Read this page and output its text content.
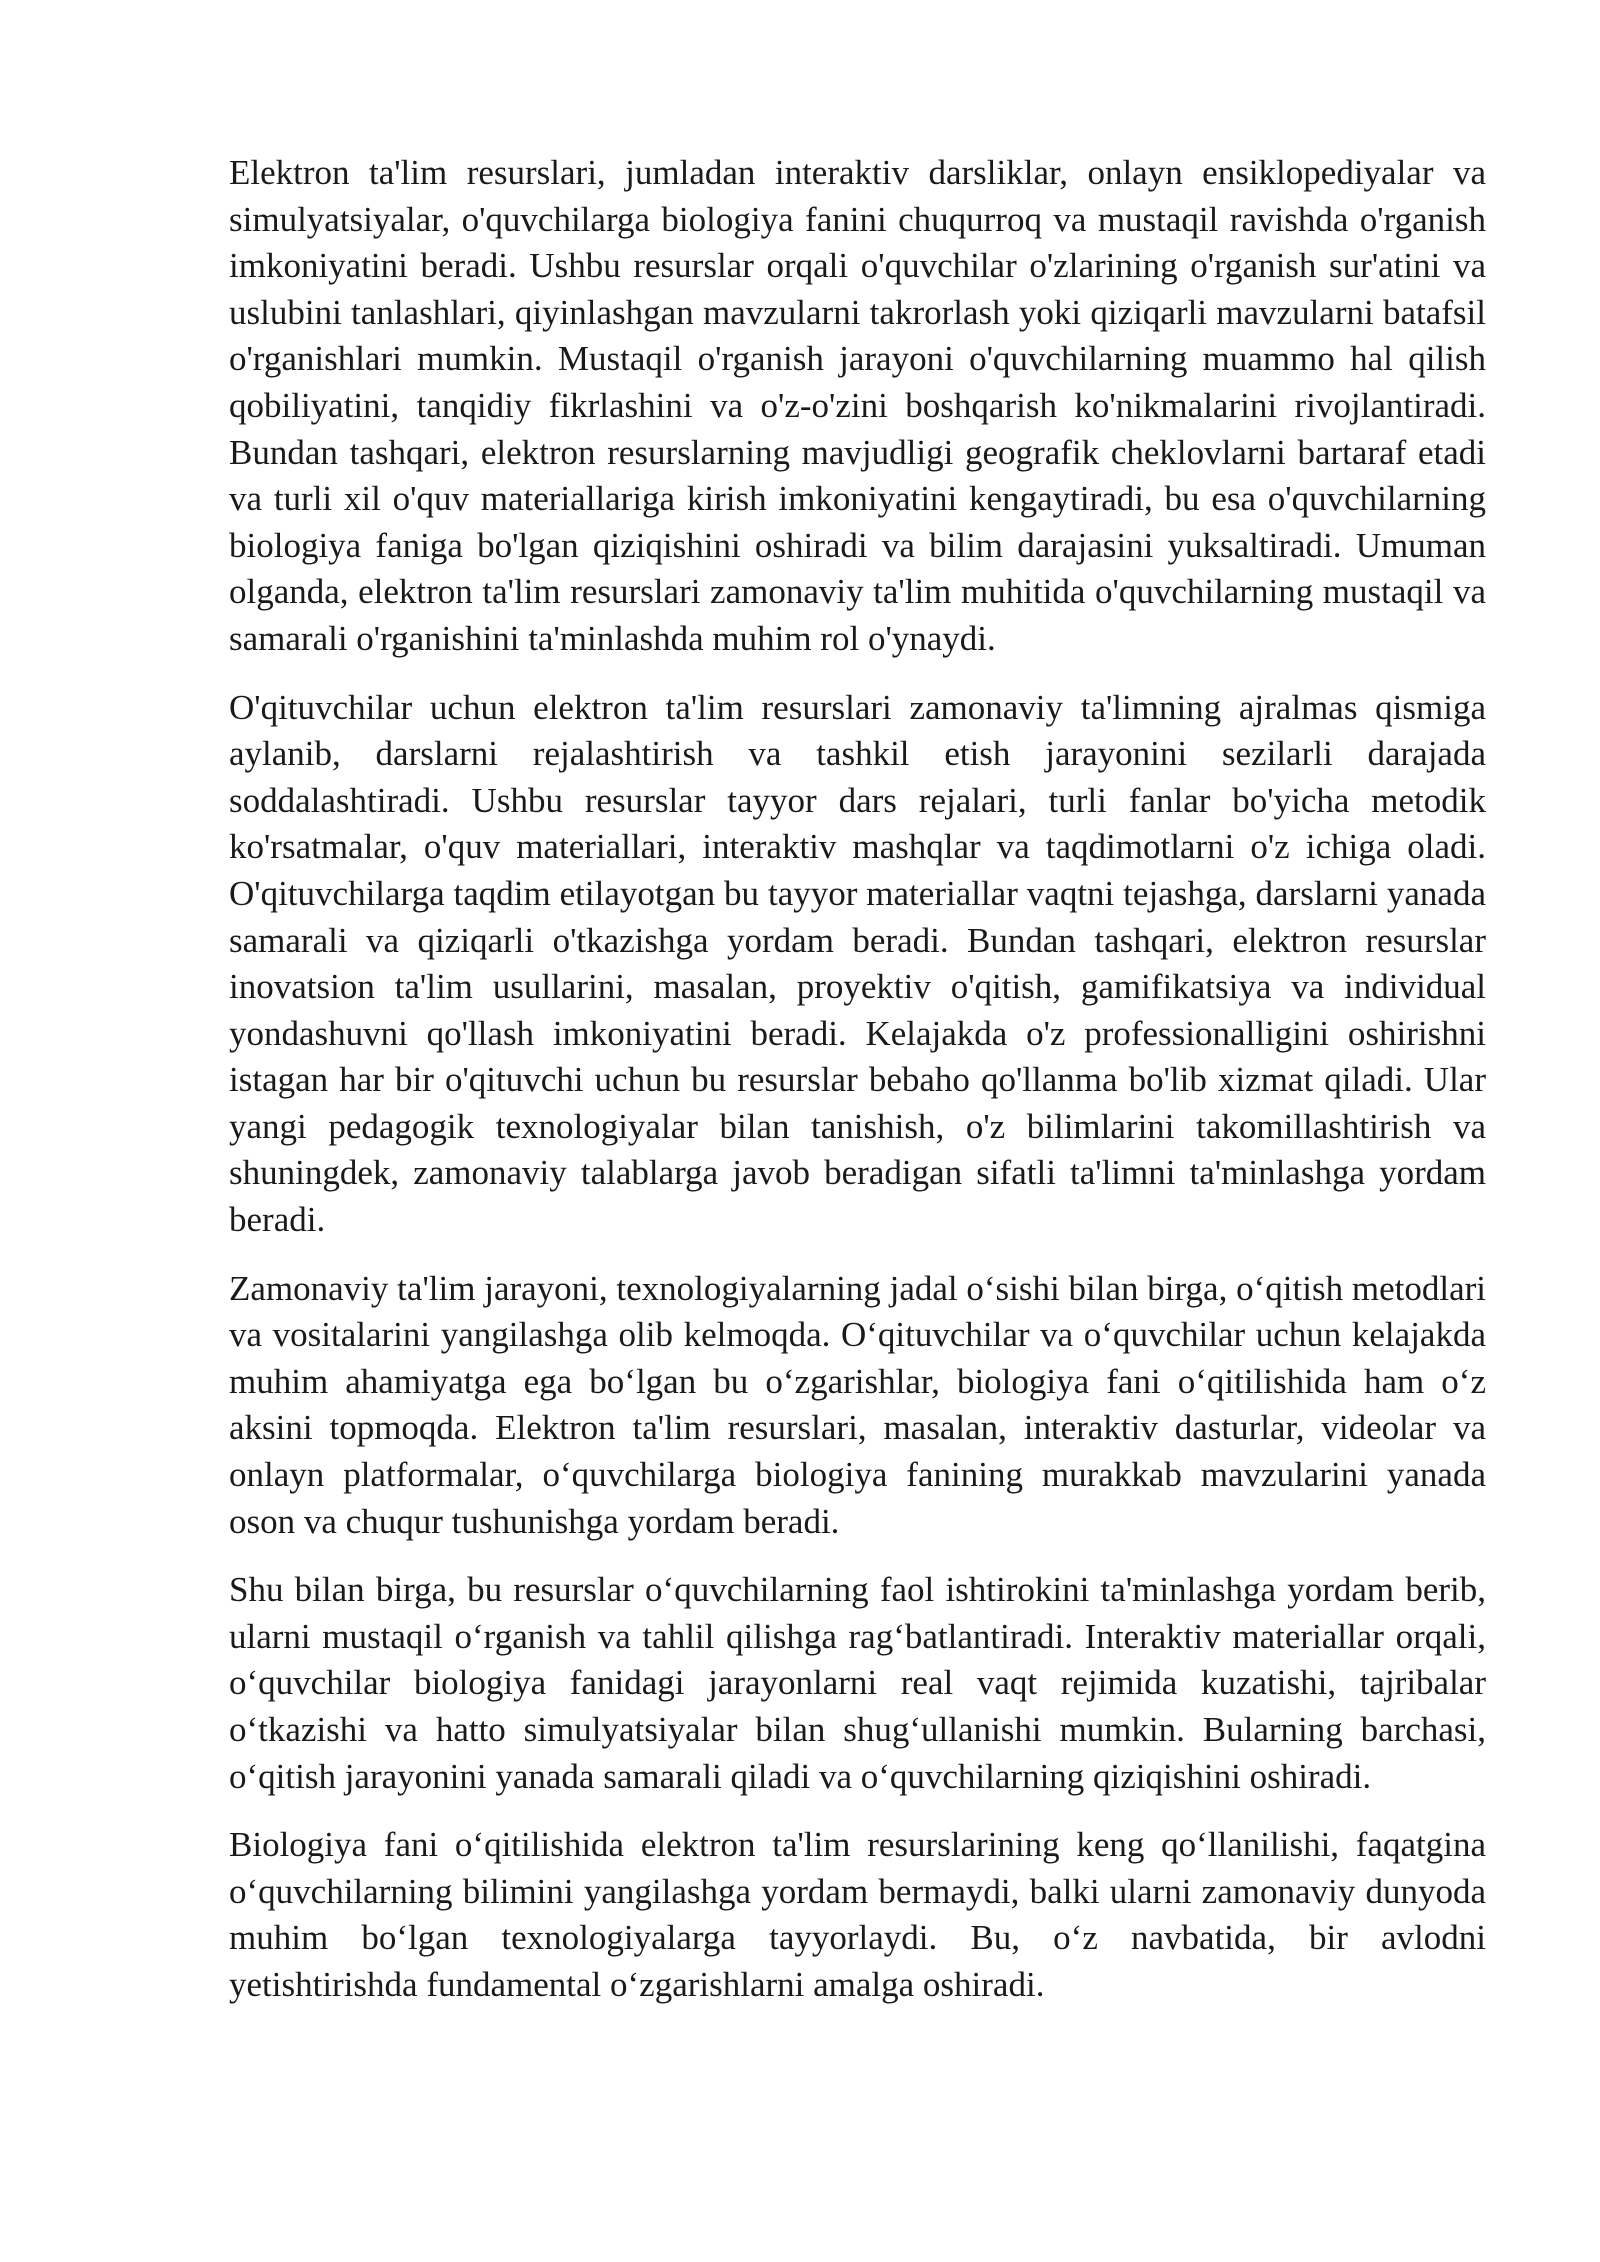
Elektron ta'lim resurslari, jumladan interaktiv darsliklar, onlayn ensiklopediyalar va simulyatsiyalar, o'quvchilarga biologiya fanini chuqurroq va mustaqil ravishda o'rganish imkoniyatini beradi. Ushbu resurslar orqali o'quvchilar o'zlarining o'rganish sur'atini va uslubini tanlashlari, qiyinlashgan mavzularni takrorlash yoki qiziqarli mavzularni batafsil o'rganishlari mumkin. Mustaqil o'rganish jarayoni o'quvchilarning muammo hal qilish qobiliyatini, tanqidiy fikrlashini va o'z-o'zini boshqarish ko'nikmalarini rivojlantiradi. Bundan tashqari, elektron resurslarning mavjudligi geografik cheklovlarni bartaraf etadi va turli xil o'quv materiallariga kirish imkoniyatini kengaytiradi, bu esa o'quvchilarning biologiya faniga bo'lgan qiziqishini oshiradi va bilim darajasini yuksaltiradi. Umuman olganda, elektron ta'lim resurslari zamonaviy ta'lim muhitida o'quvchilarning mustaqil va samarali o'rganishini ta'minlashda muhim rol o'ynaydi.

O'qituvchilar uchun elektron ta'lim resurslari zamonaviy ta'limning ajralmas qismiga aylanib, darslarni rejalashtirish va tashkil etish jarayonini sezilarli darajada soddalashtiradi. Ushbu resurslar tayyor dars rejalari, turli fanlar bo'yicha metodik ko'rsatmalar, o'quv materiallari, interaktiv mashqlar va taqdimotlarni o'z ichiga oladi. O'qituvchilarga taqdim etilayotgan bu tayyor materiallar vaqtni tejashga, darslarni yanada samarali va qiziqarli o'tkazishga yordam beradi. Bundan tashqari, elektron resurslar inovatsion ta'lim usullarini, masalan, proyektiv o'qitish, gamifikatsiya va individual yondashuvni qo'llash imkoniyatini beradi. Kelajakda o'z professionalligini oshirishni istagan har bir o'qituvchi uchun bu resurslar bebaho qo'llanma bo'lib xizmat qiladi. Ular yangi pedagogik texnologiyalar bilan tanishish, o'z bilimlarini takomillashtirish va shuningdek, zamonaviy talablarga javob beradigan sifatli ta'limni ta'minlashga yordam beradi.

Zamonaviy ta'lim jarayoni, texnologiyalarning jadal oʻsishi bilan birga, oʻqitish metodlari va vositalarini yangilashga olib kelmoqda. Oʻqituvchilar va oʻquvchilar uchun kelajakda muhim ahamiyatga ega boʻlgan bu oʻzgarishlar, biologiya fani oʻqitilishida ham oʻz aksini topmoqda. Elektron ta'lim resurslari, masalan, interaktiv dasturlar, videolar va onlayn platformalar, oʻquvchilarga biologiya fanining murakkab mavzularini yanada oson va chuqur tushunishga yordam beradi.

Shu bilan birga, bu resurslar oʻquvchilarning faol ishtirokini ta'minlashga yordam berib, ularni mustaqil oʻrganish va tahlil qilishga ragʻbatlantiradi. Interaktiv materiallar orqali, oʻquvchilar biologiya fanidagi jarayonlarni real vaqt rejimida kuzatishi, tajribalar oʻtkazishi va hatto simulyatsiyalar bilan shugʻullanishi mumkin. Bularning barchasi, oʻqitish jarayonini yanada samarali qiladi va oʻquvchilarning qiziqishini oshiradi.

Biologiya fani oʻqitilishida elektron ta'lim resurslarining keng qoʻllanilishi, faqatgina oʻquvchilarning bilimini yangilashga yordam bermaydi, balki ularni zamonaviy dunyoda muhim boʻlgan texnologiyalarga tayyorlaydi. Bu, oʻz navbatida, bir avlodni yetishtirishda fundamental oʻzgarishlarni amalga oshiradi.
